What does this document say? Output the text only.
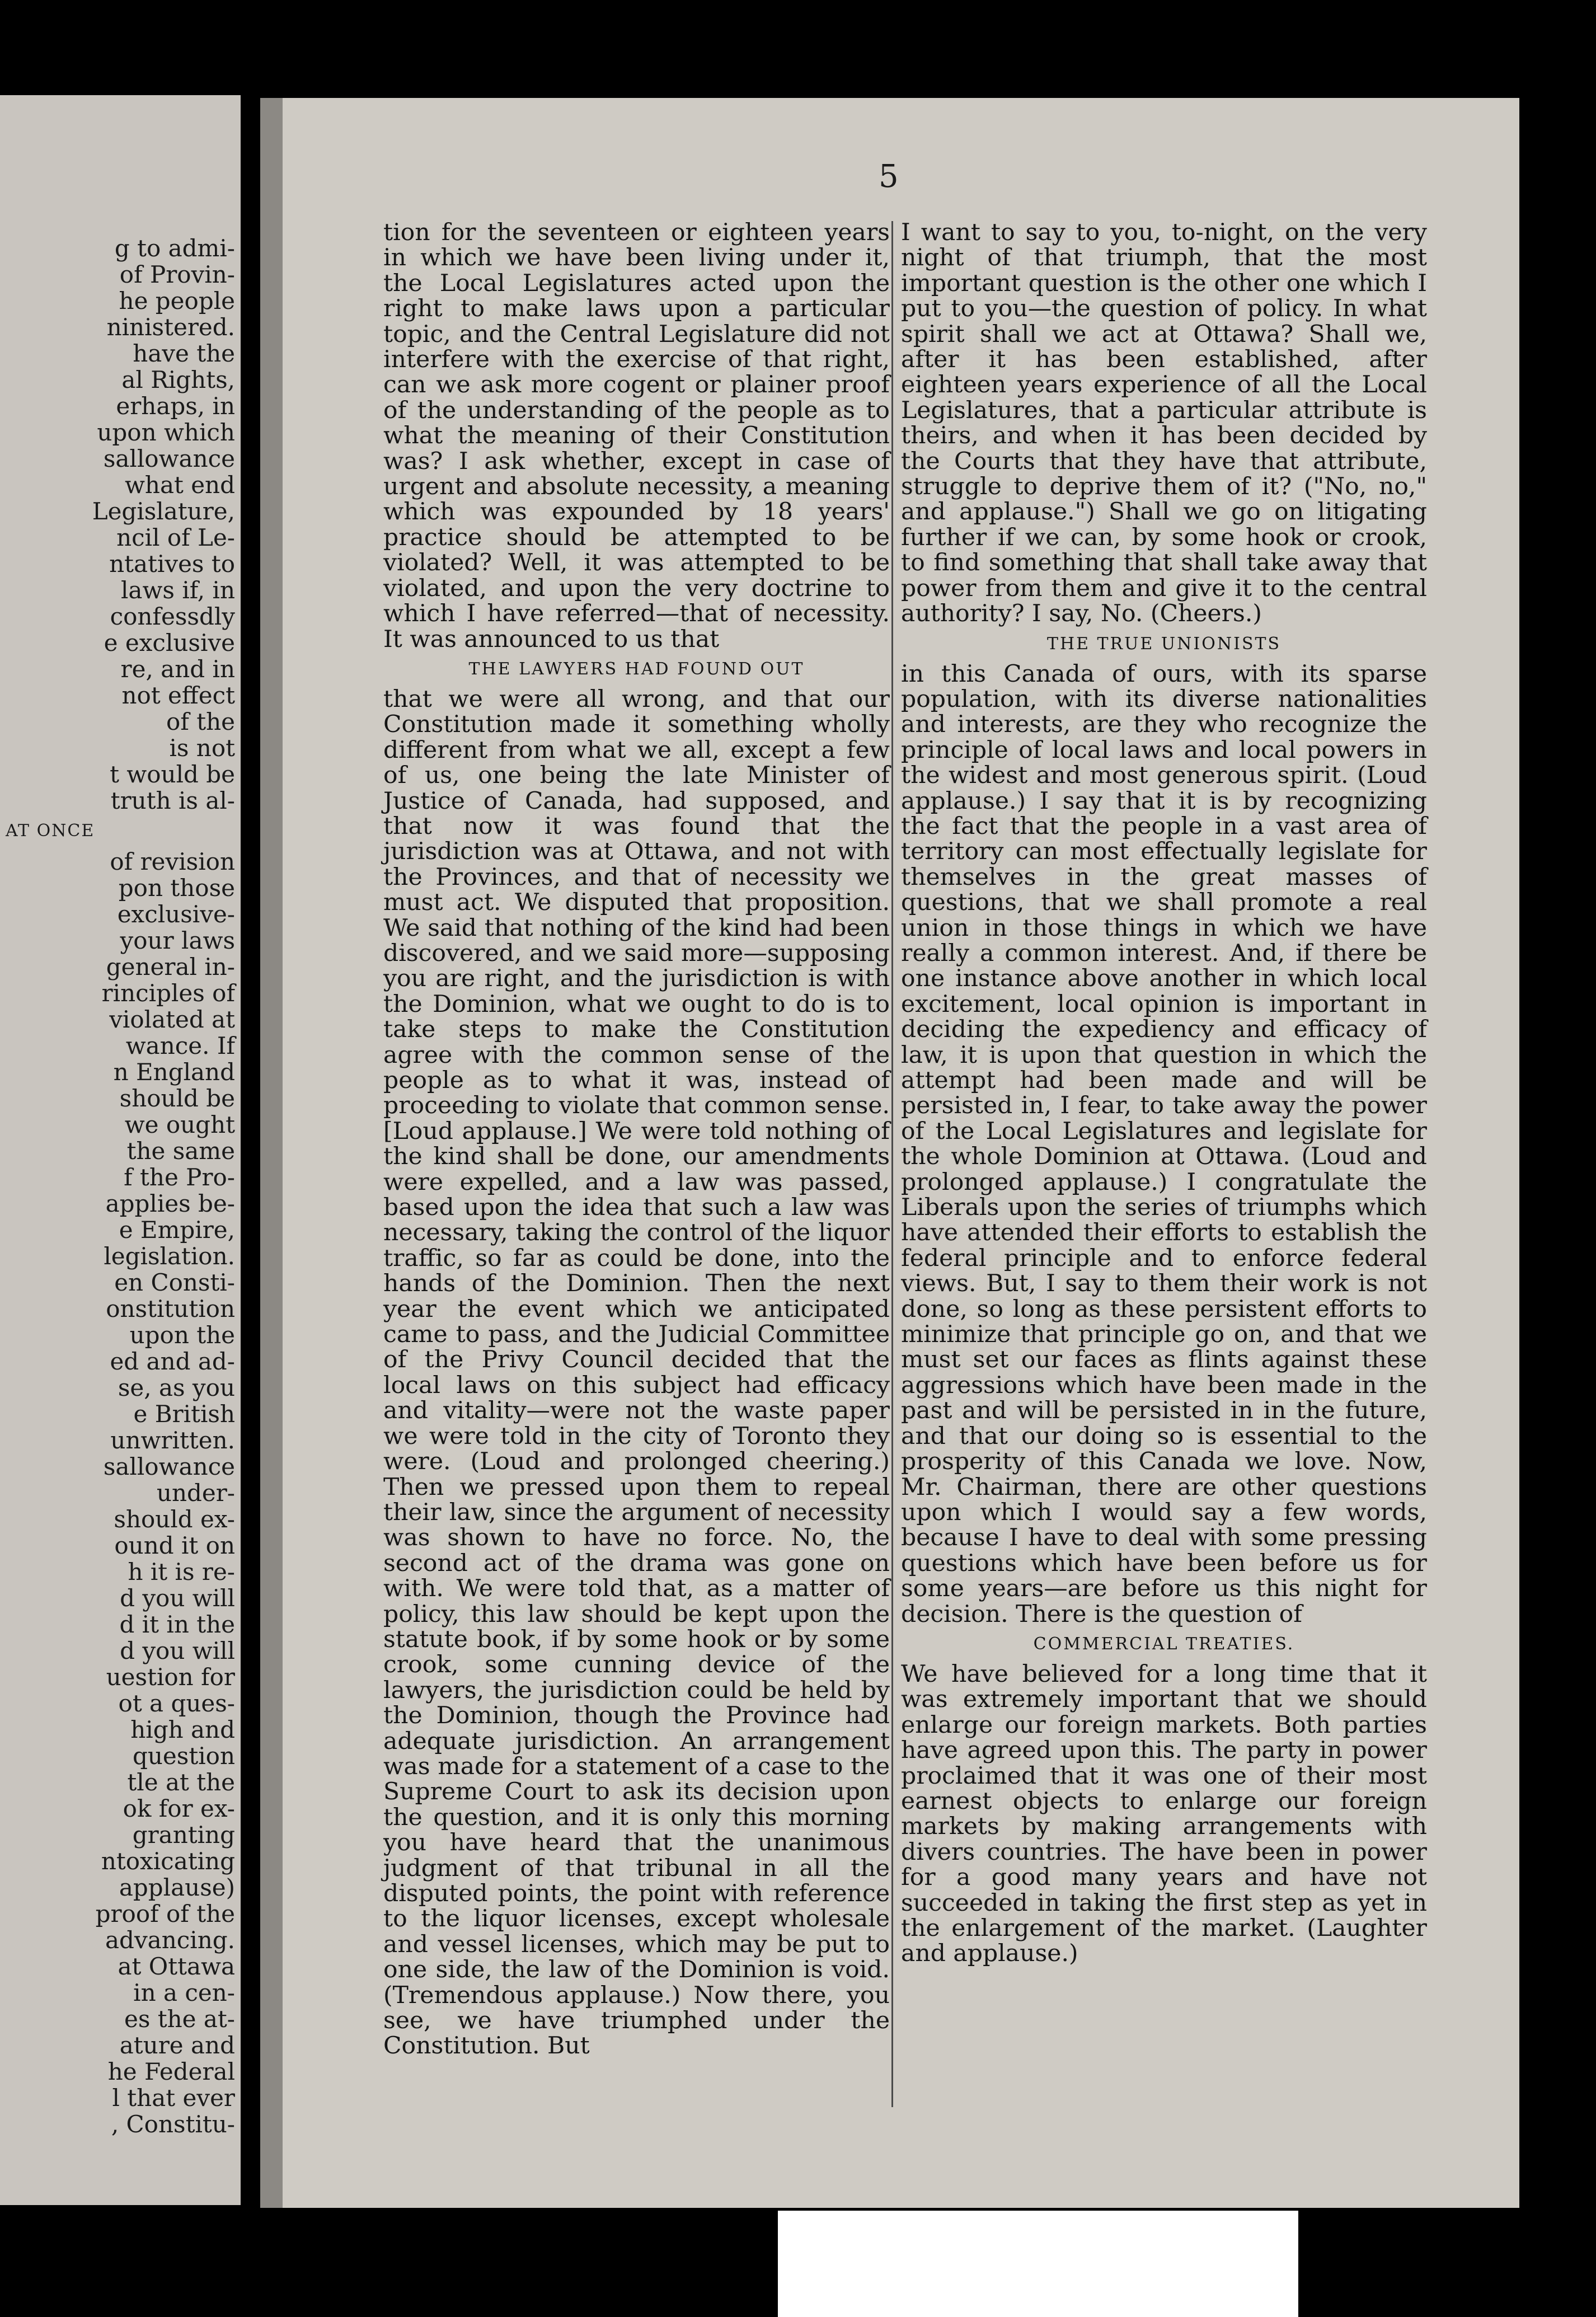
g to admi-
of Provin-
he people
ninistered.
have the
al Rights,
erhaps, in
upon which
sallowance
what end
Legislature,
ncil of Le-
ntatives to
laws if, in
confessdly
e exclusive
re, and in
not effect
of the
is not
t would be
truth is al-
AT ONCE
of revision
pon those
exclusive-
your laws
general in-
rinciples of
violated at
wance. If
n England
should be
we ought
the same
f the Pro-
applies be-
e Empire,
legislation.
en Consti-
onstitution
upon the
ed and ad-
se, as you
e British
unwritten.
sallowance
under-
should ex-
ound it on
h it is re-
d you will
d it in the
d you will
uestion for
ot a ques-
high and
question
tle at the
ok for ex-
granting
ntoxicating
applause)
proof of the
advancing.
at Ottawa
in a cen-
es the at-
ature and
he Federal
l that ever
, Constitu-
5

tion for the seventeen or eighteen years in which we have been living under it, the Local Legislatures acted upon the right to make laws upon a particular topic, and the Central Legislature did not interfere with the exercise of that right, can we ask more cogent or plainer proof of the understanding of the people as to what the meaning of their Constitution was? I ask whether, except in case of urgent and absolute necessity, a meaning which was expounded by 18 years' practice should be attempted to be violated? Well, it was attempted to be violated, and upon the very doctrine to which I have referred—that of necessity. It was announced to us that

THE LAWYERS HAD FOUND OUT

that we were all wrong, and that our Constitution made it something wholly different from what we all, except a few of us, one being the late Minister of Justice of Canada, had supposed, and that now it was found that the jurisdiction was at Ottawa, and not with the Provinces, and that of necessity we must act. We disputed that proposition. We said that nothing of the kind had been discovered, and we said more—supposing you are right, and the jurisdiction is with the Dominion, what we ought to do is to take steps to make the Constitution agree with the common sense of the people as to what it was, instead of proceeding to violate that common sense. [Loud applause.] We were told nothing of the kind shall be done, our amendments were expelled, and a law was passed, based upon the idea that such a law was necessary, taking the control of the liquor traffic, so far as could be done, into the hands of the Dominion. Then the next year the event which we anticipated came to pass, and the Judicial Committee of the Privy Council decided that the local laws on this subject had efficacy and vitality—were not the waste paper we were told in the city of Toronto they were. (Loud and prolonged cheering.) Then we pressed upon them to repeal their law, since the argument of necessity was shown to have no force. No, the second act of the drama was gone on with. We were told that, as a matter of policy, this law should be kept upon the statute book, if by some hook or by some crook, some cunning device of the lawyers, the jurisdiction could be held by the Dominion, though the Province had adequate jurisdiction. An arrangement was made for a statement of a case to the Supreme Court to ask its decision upon the question, and it is only this morning you have heard that the unanimous judgment of that tribunal in all the disputed points, the point with reference to the liquor licenses, except wholesale and vessel licenses, which may be put to one side, the law of the Dominion is void. (Tremendous applause.) Now there, you see, we have triumphed under the Constitution. But

I want to say to you, to-night, on the very night of that triumph, that the most important question is the other one which I put to you—the question of policy. In what spirit shall we act at Ottawa? Shall we, after it has been established, after eighteen years experience of all the Local Legislatures, that a particular attribute is theirs, and when it has been decided by the Courts that they have that attribute, struggle to deprive them of it? ("No, no," and applause.") Shall we go on litigating further if we can, by some hook or crook, to find something that shall take away that power from them and give it to the central authority? I say, No. (Cheers.)

THE TRUE UNIONISTS

in this Canada of ours, with its sparse population, with its diverse nationalities and interests, are they who recognize the principle of local laws and local powers in the widest and most generous spirit. (Loud applause.) I say that it is by recognizing the fact that the people in a vast area of territory can most effectually legislate for themselves in the great masses of questions, that we shall promote a real union in those things in which we have really a common interest. And, if there be one instance above another in which local excitement, local opinion is important in deciding the expediency and efficacy of law, it is upon that question in which the attempt had been made and will be persisted in, I fear, to take away the power of the Local Legislatures and legislate for the whole Dominion at Ottawa. (Loud and prolonged applause.) I congratulate the Liberals upon the series of triumphs which have attended their efforts to establish the federal principle and to enforce federal views. But, I say to them their work is not done, so long as these persistent efforts to minimize that principle go on, and that we must set our faces as flints against these aggressions which have been made in the past and will be persisted in in the future, and that our doing so is essential to the prosperity of this Canada we love. Now, Mr. Chairman, there are other questions upon which I would say a few words, because I have to deal with some pressing questions which have been before us for some years—are before us this night for decision. There is the question of

COMMERCIAL TREATIES.

We have believed for a long time that it was extremely important that we should enlarge our foreign markets. Both parties have agreed upon this. The party in power proclaimed that it was one of their most earnest objects to enlarge our foreign markets by making arrangements with divers countries. The have been in power for a good many years and have not succeeded in taking the first step as yet in the enlargement of the market. (Laughter and applause.)
